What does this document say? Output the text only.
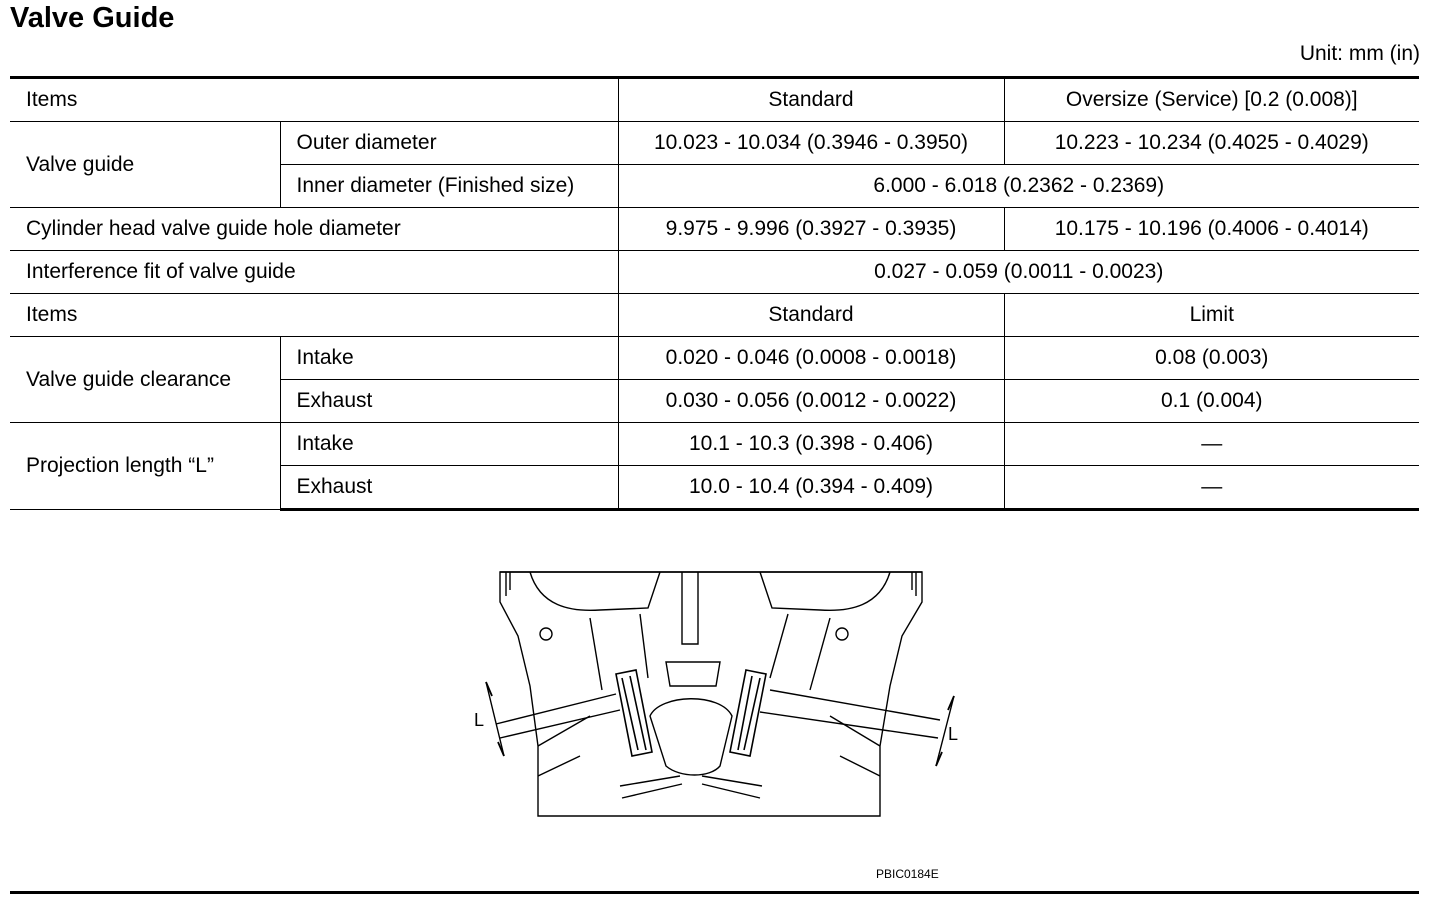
Valve Guide
Unit: mm (in)
Items		Standard	Oversize (Service) [0.2 (0.008)]
Valve guide	Outer diameter	10.023 - 10.034 (0.3946 - 0.3950)	10.223 - 10.234 (0.4025 - 0.4029)
	Inner diameter (Finished size)	6.000 - 6.018 (0.2362 - 0.2369)	
Cylinder head valve guide hole diameter		9.975 - 9.996 (0.3927 - 0.3935)	10.175 - 10.196 (0.4006 - 0.4014)
Interference fit of valve guide		0.027 - 0.059 (0.0011 - 0.0023)	
Items		Standard	Limit
Valve guide clearance	Intake	0.020 - 0.046 (0.0008 - 0.0018)	0.08 (0.003)
	Exhaust	0.030 - 0.056 (0.0012 - 0.0022)	0.1 (0.004)
Projection length “L”	Intake	10.1 - 10.3 (0.398 - 0.406)	—
	Exhaust	10.0 - 10.4 (0.394 - 0.409)	—
L
L
PBIC0184E
